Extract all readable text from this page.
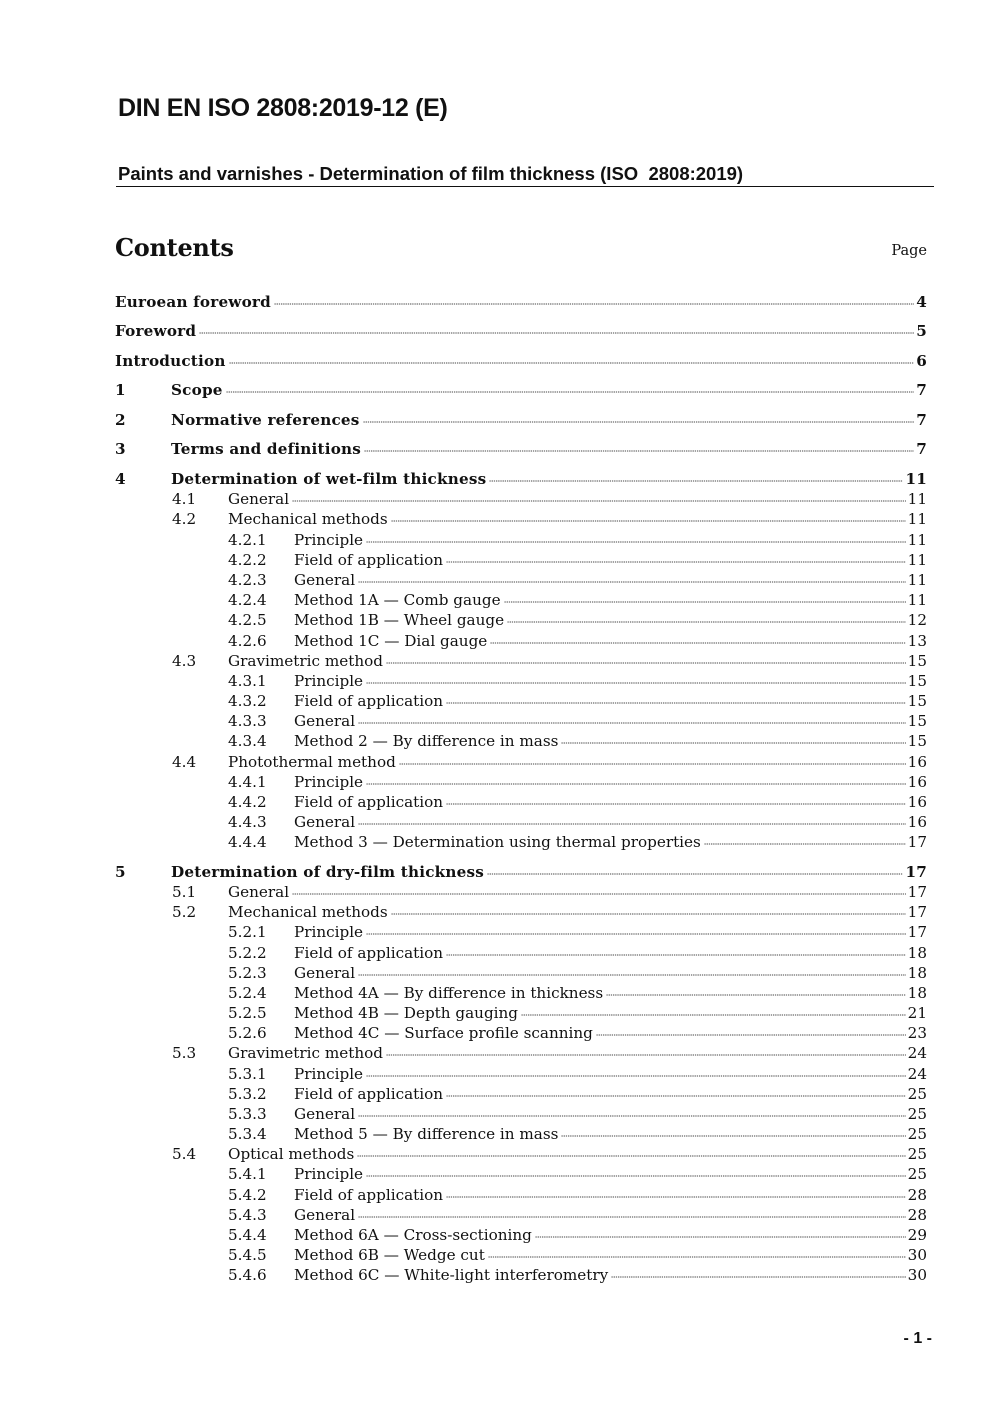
DIN EN ISO 2808:2019-12 (E)
Paints and varnishes - Determination of film thickness (ISO  2808:2019)
Contents	Page
Euroean foreword	4
Foreword	5
Introduction	6
1	Scope	7
2	Normative references	7
3	Terms and definitions	7
4	Determination of wet-film thickness	11
4.1	General	11
4.2	Mechanical methods	11
4.2.1	Principle	11
4.2.2	Field of application	11
4.2.3	General	11
4.2.4	Method 1A — Comb gauge	11
4.2.5	Method 1B — Wheel gauge	12
4.2.6	Method 1C — Dial gauge	13
4.3	Gravimetric method	15
4.3.1	Principle	15
4.3.2	Field of application	15
4.3.3	General	15
4.3.4	Method 2 — By difference in mass	15
4.4	Photothermal method	16
4.4.1	Principle	16
4.4.2	Field of application	16
4.4.3	General	16
4.4.4	Method 3 — Determination using thermal properties	17
5	Determination of dry-film thickness	17
5.1	General	17
5.2	Mechanical methods	17
5.2.1	Principle	17
5.2.2	Field of application	18
5.2.3	General	18
5.2.4	Method 4A — By difference in thickness	18
5.2.5	Method 4B — Depth gauging	21
5.2.6	Method 4C — Surface profile scanning	23
5.3	Gravimetric method	24
5.3.1	Principle	24
5.3.2	Field of application	25
5.3.3	General	25
5.3.4	Method 5 — By difference in mass	25
5.4	Optical methods	25
5.4.1	Principle	25
5.4.2	Field of application	28
5.4.3	General	28
5.4.4	Method 6A — Cross-sectioning	29
5.4.5	Method 6B — Wedge cut	30
5.4.6	Method 6C — White-light interferometry	30
- 1 -
